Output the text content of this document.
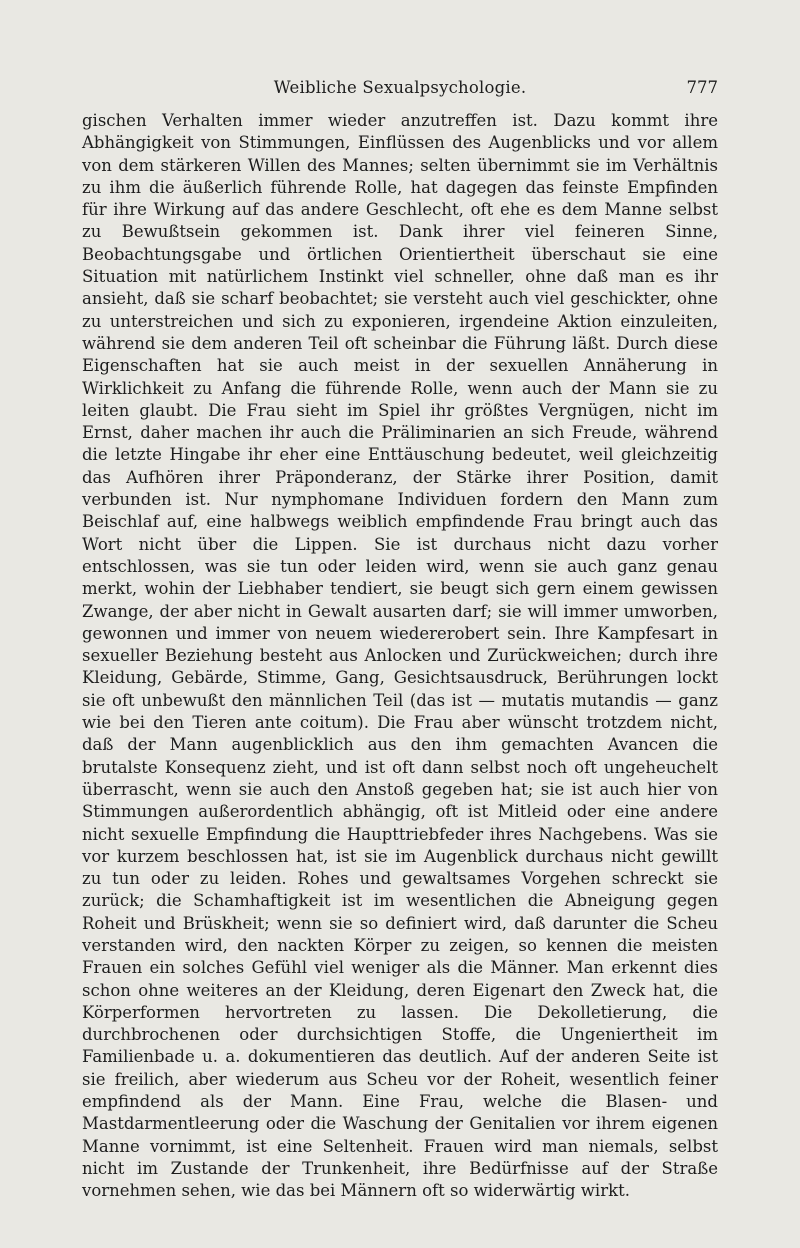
Weibliche Sexualpsychologie.	777

gischen Verhalten immer wieder anzutreffen ist. Dazu kommt ihre Abhängigkeit von Stimmungen, Einflüssen des Augenblicks und vor allem von dem stärkeren Willen des Mannes; selten übernimmt sie im Verhältnis zu ihm die äußerlich führende Rolle, hat dagegen das feinste Empfinden für ihre Wirkung auf das andere Geschlecht, oft ehe es dem Manne selbst zu Bewußtsein gekommen ist. Dank ihrer viel feineren Sinne, Beobachtungsgabe und örtlichen Orientiertheit überschaut sie eine Situation mit natürlichem Instinkt viel schneller, ohne daß man es ihr ansieht, daß sie scharf beobachtet; sie versteht auch viel geschickter, ohne zu unterstreichen und sich zu exponieren, irgendeine Aktion einzuleiten, während sie dem anderen Teil oft scheinbar die Führung läßt. Durch diese Eigenschaften hat sie auch meist in der sexuellen Annäherung in Wirklichkeit zu Anfang die führende Rolle, wenn auch der Mann sie zu leiten glaubt. Die Frau sieht im Spiel ihr größtes Vergnügen, nicht im Ernst, daher machen ihr auch die Präliminarien an sich Freude, während die letzte Hingabe ihr eher eine Enttäuschung bedeutet, weil gleichzeitig das Aufhören ihrer Präponderanz, der Stärke ihrer Position, damit verbunden ist. Nur nymphomane Individuen fordern den Mann zum Beischlaf auf, eine halbwegs weiblich empfindende Frau bringt auch das Wort nicht über die Lippen. Sie ist durchaus nicht dazu vorher entschlossen, was sie tun oder leiden wird, wenn sie auch ganz genau merkt, wohin der Liebhaber tendiert, sie beugt sich gern einem gewissen Zwange, der aber nicht in Gewalt ausarten darf; sie will immer umworben, gewonnen und immer von neuem wiedererobert sein. Ihre Kampfesart in sexueller Beziehung besteht aus Anlocken und Zurückweichen; durch ihre Kleidung, Gebärde, Stimme, Gang, Gesichtsausdruck, Berührungen lockt sie oft unbewußt den männlichen Teil (das ist — mutatis mutandis — ganz wie bei den Tieren ante coitum). Die Frau aber wünscht trotzdem nicht, daß der Mann augenblicklich aus den ihm gemachten Avancen die brutalste Konsequenz zieht, und ist oft dann selbst noch oft ungeheuchelt überrascht, wenn sie auch den Anstoß gegeben hat; sie ist auch hier von Stimmungen außerordentlich abhängig, oft ist Mitleid oder eine andere nicht sexuelle Empfindung die Haupttriebfeder ihres Nachgebens. Was sie vor kurzem beschlossen hat, ist sie im Augenblick durchaus nicht gewillt zu tun oder zu leiden. Rohes und gewaltsames Vorgehen schreckt sie zurück; die Schamhaftigkeit ist im wesentlichen die Abneigung gegen Roheit und Brüskheit; wenn sie so definiert wird, daß darunter die Scheu verstanden wird, den nackten Körper zu zeigen, so kennen die meisten Frauen ein solches Gefühl viel weniger als die Männer. Man erkennt dies schon ohne weiteres an der Kleidung, deren Eigenart den Zweck hat, die Körperformen hervortreten zu lassen. Die Dekolletierung, die durchbrochenen oder durchsichtigen Stoffe, die Ungeniertheit im Familienbade u. a. dokumentieren das deutlich. Auf der anderen Seite ist sie freilich, aber wiederum aus Scheu vor der Roheit, wesentlich feiner empfindend als der Mann. Eine Frau, welche die Blasen- und Mastdarmentleerung oder die Waschung der Genitalien vor ihrem eigenen Manne vornimmt, ist eine Seltenheit. Frauen wird man niemals, selbst nicht im Zustande der Trunkenheit, ihre Bedürfnisse auf der Straße vornehmen sehen, wie das bei Männern oft so widerwärtig wirkt.
